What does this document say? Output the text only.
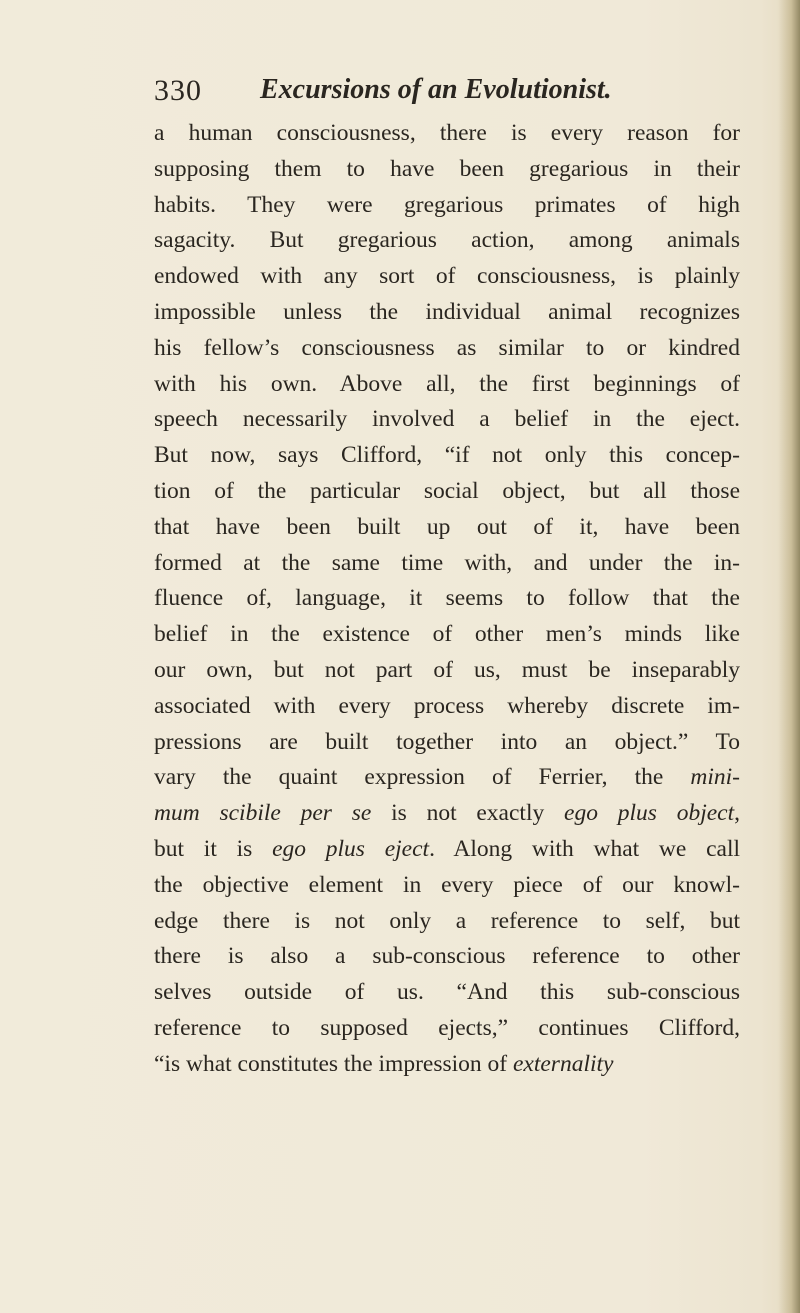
330 Excursions of an Evolutionist.
a human consciousness, there is every reason for
supposing them to have been gregarious in their
habits. They were gregarious primates of high
sagacity. But gregarious action, among animals
endowed with any sort of consciousness, is plainly
impossible unless the individual animal recognizes
his fellow’s consciousness as similar to or kindred
with his own. Above all, the first beginnings of
speech necessarily involved a belief in the eject.
But now, says Clifford, “if not only this concep-
tion of the particular social object, but all those
that have been built up out of it, have been
formed at the same time with, and under the in-
fluence of, language, it seems to follow that the
belief in the existence of other men’s minds like
our own, but not part of us, must be inseparably
associated with every process whereby discrete im-
pressions are built together into an object.” To
vary the quaint expression of Ferrier, the mini-
mum scibile per se is not exactly ego plus object,
but it is ego plus eject. Along with what we call
the objective element in every piece of our knowl-
edge there is not only a reference to self, but
there is also a sub-conscious reference to other
selves outside of us. “And this sub-conscious
reference to supposed ejects,” continues Clifford,
“is what constitutes the impression of externality
